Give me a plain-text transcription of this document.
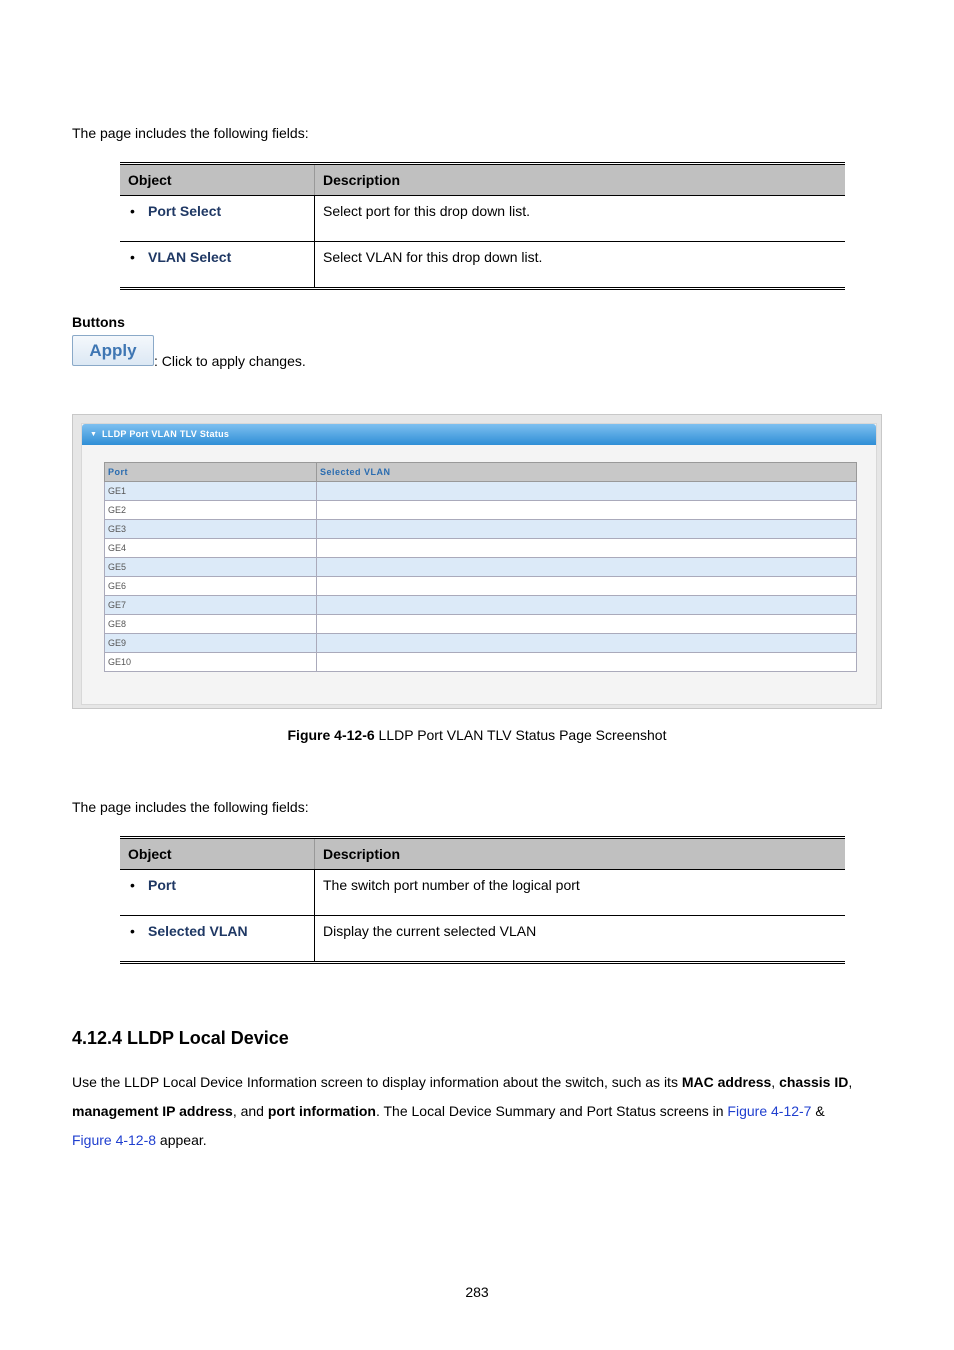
The page includes the following fields:
Object	Description
• Port Select	Select port for this drop down list.
• VLAN Select	Select VLAN for this drop down list.
Buttons
Apply
: Click to apply changes.
▼ LLDP Port VLAN TLV Status
Port	Selected VLAN
GE1	
GE2	
GE3	
GE4	
GE5	
GE6	
GE7	
GE8	
GE9	
GE10	
Figure 4-12-6 LLDP Port VLAN TLV Status Page Screenshot
The page includes the following fields:
Object	Description
• Port	The switch port number of the logical port
• Selected VLAN	Display the current selected VLAN
4.12.4 LLDP Local Device
Use the LLDP Local Device Information screen to display information about the switch, such as its MAC address, chassis ID,
management IP address, and port information. The Local Device Summary and Port Status screens in Figure 4-12-7 &
Figure 4-12-8 appear.
283
